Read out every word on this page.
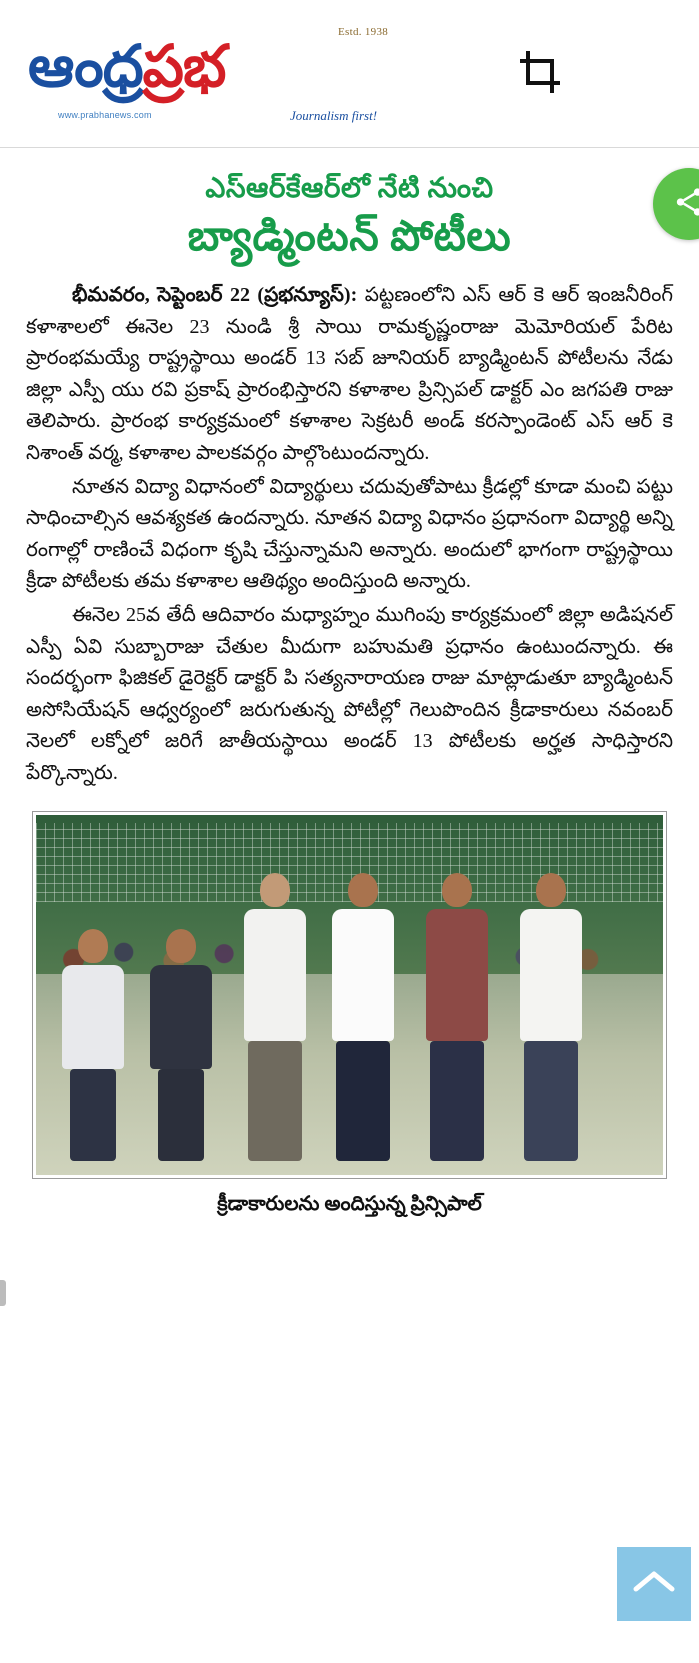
Estd. 1938
ఆంధ్రప్రభ
www.prabhanews.com	Journalism first!
ఎస్‌ఆర్‌కేఆర్‌లో నేటి నుంచి
బ్యాడ్మింటన్ పోటీలు

భీమవరం, సెప్టెంబర్ 22 (ప్రభన్యూస్): పట్టణంలోని ఎస్ ఆర్ కె ఆర్ ఇంజనీరింగ్ కళాశాలలో ఈనెల 23 నుండి శ్రీ సాయి రామకృష్ణంరాజు మెమోరియల్ పేరిట ప్రారంభమయ్యే రాష్ట్రస్థాయి అండర్ 13 సబ్ జూనియర్ బ్యాడ్మింటన్ పోటీలను నేడు జిల్లా ఎస్పీ యు రవి ప్రకాష్ ప్రారంభిస్తారని కళాశాల ప్రిన్సిపల్ డాక్టర్ ఎం జగపతి రాజు తెలిపారు. ప్రారంభ కార్యక్రమంలో కళాశాల సెక్రటరీ అండ్ కరస్పాండెంట్ ఎస్ ఆర్ కె నిశాంత్ వర్మ, కళాశాల పాలకవర్గం పాల్గొంటుందన్నారు.

నూతన విద్యా విధానంలో విద్యార్థులు చదువుతోపాటు క్రీడల్లో కూడా మంచి పట్టు సాధించాల్సిన ఆవశ్యకత ఉందన్నారు. నూతన విద్యా విధానం ప్రధానంగా విద్యార్థి అన్ని రంగాల్లో రాణించే విధంగా కృషి చేస్తున్నామని అన్నారు. అందులో భాగంగా రాష్ట్రస్థాయి క్రీడా పోటీలకు తమ కళాశాల ఆతిథ్యం అందిస్తుంది అన్నారు.

ఈనెల 25వ తేదీ ఆదివారం మధ్యాహ్నం ముగింపు కార్యక్రమంలో జిల్లా అడిషనల్ ఎస్పీ ఏవి సుబ్బారాజు చేతుల మీదుగా బహుమతి ప్రధానం ఉంటుందన్నారు. ఈ సందర్భంగా ఫిజికల్ డైరెక్టర్ డాక్టర్ పి సత్యనారాయణ రాజు మాట్లాడుతూ బ్యాడ్మింటన్ అసోసియేషన్ ఆధ్వర్యంలో జరుగుతున్న పోటీల్లో గెలుపొందిన క్రీడాకారులు నవంబర్ నెలలో లక్నోలో జరిగే జాతీయస్థాయి అండర్ 13 పోటీలకు అర్హత సాధిస్తారని పేర్కొన్నారు.

క్రీడాకారులను అందిస్తున్న ప్రిన్సిపాల్
